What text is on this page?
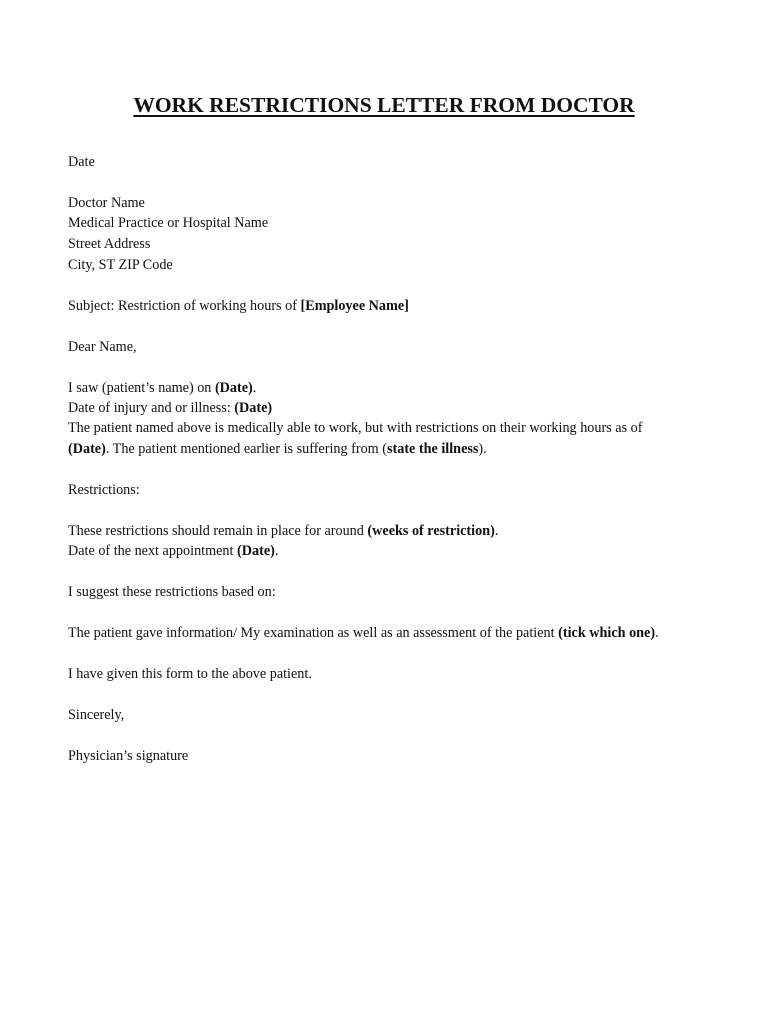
WORK RESTRICTIONS LETTER FROM DOCTOR
Date
Doctor Name
Medical Practice or Hospital Name
Street Address
City, ST ZIP Code
Subject: Restriction of working hours of [Employee Name]
Dear Name,
I saw (patient’s name) on (Date).
Date of injury and or illness: (Date)
The patient named above is medically able to work, but with restrictions on their working hours as of
(Date). The patient mentioned earlier is suffering from (state the illness).
Restrictions:
These restrictions should remain in place for around (weeks of restriction).
Date of the next appointment (Date).
I suggest these restrictions based on:
The patient gave information/ My examination as well as an assessment of the patient (tick which one).
I have given this form to the above patient.
Sincerely,
Physician’s signature
